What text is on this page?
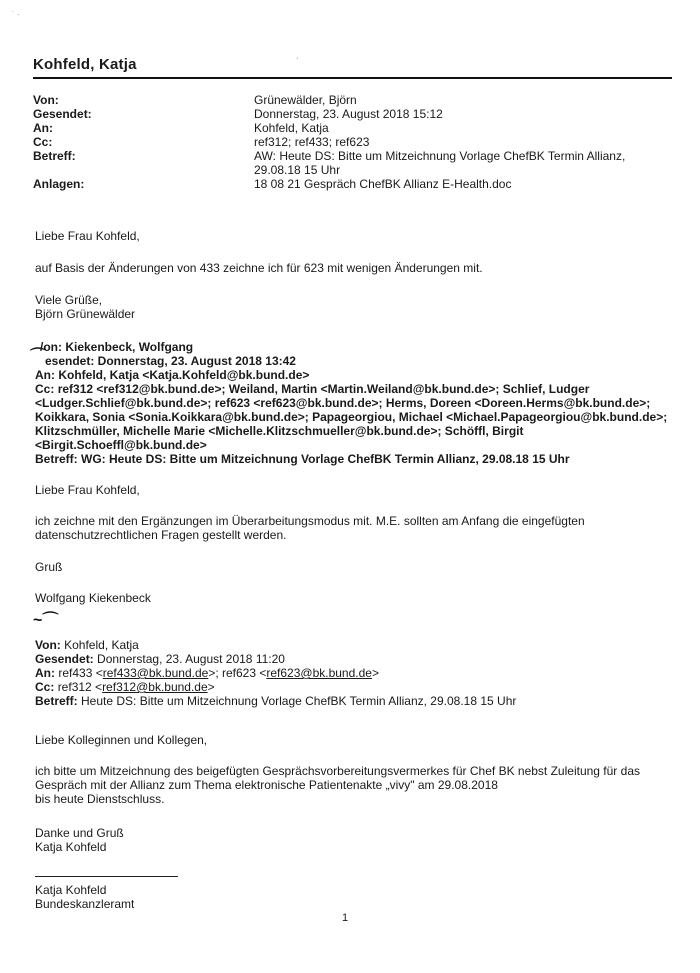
˙ ·
ˊ
Kohfeld, Katja
Von:	Grünewälder, Björn
Gesendet:	Donnerstag, 23. August 2018 15:12
An:	Kohfeld, Katja
Cc:	ref312; ref433; ref623
Betreff:	AW: Heute DS: Bitte um Mitzeichnung Vorlage ChefBK Termin Allianz,
29.08.18 15 Uhr
Anlagen:	18 08 21 Gespräch ChefBK Allianz E-Health.doc
Liebe Frau Kohfeld,
auf Basis der Änderungen von 433 zeichne ich für 623 mit wenigen Änderungen mit.
Viele Grüße,
Björn Grünewälder
⌒
/on: Kiekenbeck, Wolfgang
esendet: Donnerstag, 23. August 2018 13:42
An: Kohfeld, Katja <Katja.Kohfeld@bk.bund.de>
Cc: ref312 <ref312@bk.bund.de>; Weiland, Martin <Martin.Weiland@bk.bund.de>; Schlief, Ludger
<Ludger.Schlief@bk.bund.de>; ref623 <ref623@bk.bund.de>; Herms, Doreen <Doreen.Herms@bk.bund.de>;
Koikkara, Sonia <Sonia.Koikkara@bk.bund.de>; Papageorgiou, Michael <Michael.Papageorgiou@bk.bund.de>;
Klitzschmüller, Michelle Marie <Michelle.Klitzschmueller@bk.bund.de>; Schöffl, Birgit <Birgit.Schoeffl@bk.bund.de>
Betreff: WG: Heute DS: Bitte um Mitzeichnung Vorlage ChefBK Termin Allianz, 29.08.18 15 Uhr
Liebe Frau Kohfeld,
ich zeichne mit den Ergänzungen im Überarbeitungsmodus mit. M.E. sollten am Anfang die eingefügten
datenschutzrechtlichen Fragen gestellt werden.
Gruß
Wolfgang Kiekenbeck
~⌒
Von: Kohfeld, Katja
Gesendet: Donnerstag, 23. August 2018 11:20
An: ref433 <ref433@bk.bund.de>; ref623 <ref623@bk.bund.de>
Cc: ref312 <ref312@bk.bund.de>
Betreff: Heute DS: Bitte um Mitzeichnung Vorlage ChefBK Termin Allianz, 29.08.18 15 Uhr
Liebe Kolleginnen und Kollegen,
ich bitte um Mitzeichnung des beigefügten Gesprächsvorbereitungsvermerkes für Chef BK nebst Zuleitung für das
Gespräch mit der Allianz zum Thema elektronische Patientenakte „vivy" am 29.08.2018
bis heute Dienstschluss.
Danke und Gruß
Katja Kohfeld
Katja Kohfeld
Bundeskanzleramt
1
